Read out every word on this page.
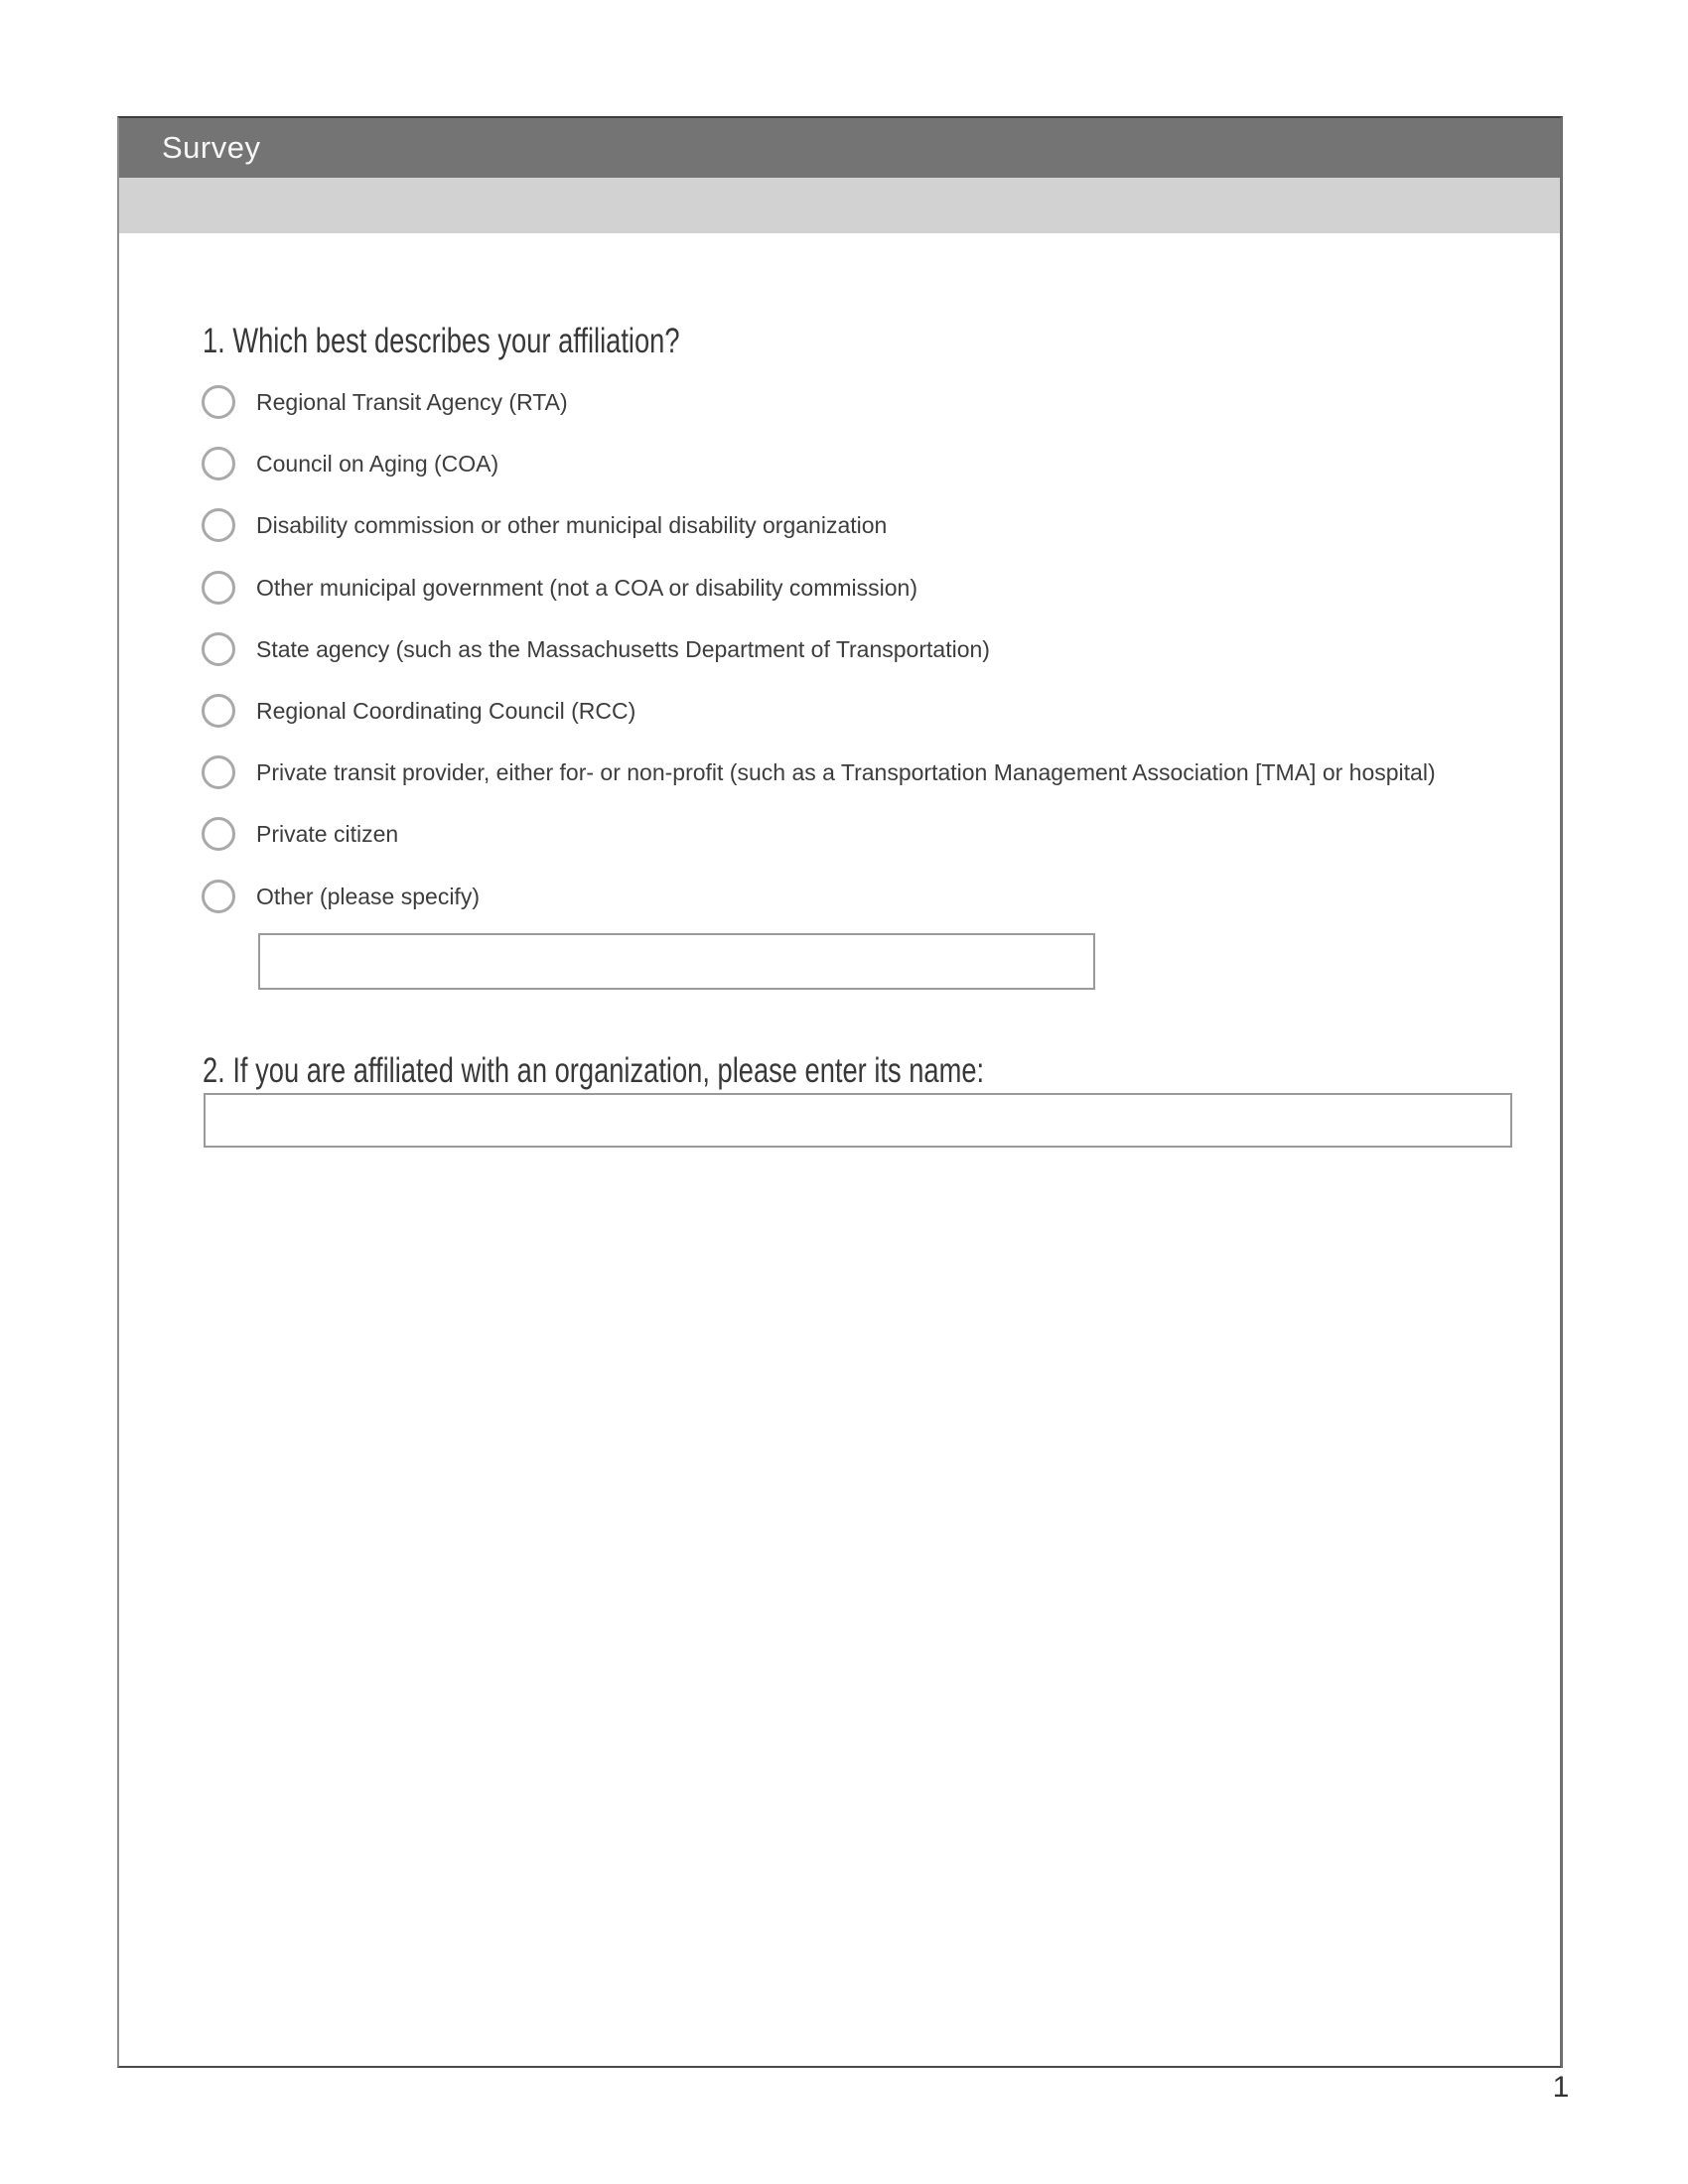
Survey
1. Which best describes your affiliation?
Regional Transit Agency (RTA)
Council on Aging (COA)
Disability commission or other municipal disability organization
Other municipal government (not a COA or disability commission)
State agency (such as the Massachusetts Department of Transportation)
Regional Coordinating Council (RCC)
Private transit provider, either for- or non-profit (such as a Transportation Management Association [TMA] or hospital)
Private citizen
Other (please specify)
2. If you are affiliated with an organization, please enter its name:
1
